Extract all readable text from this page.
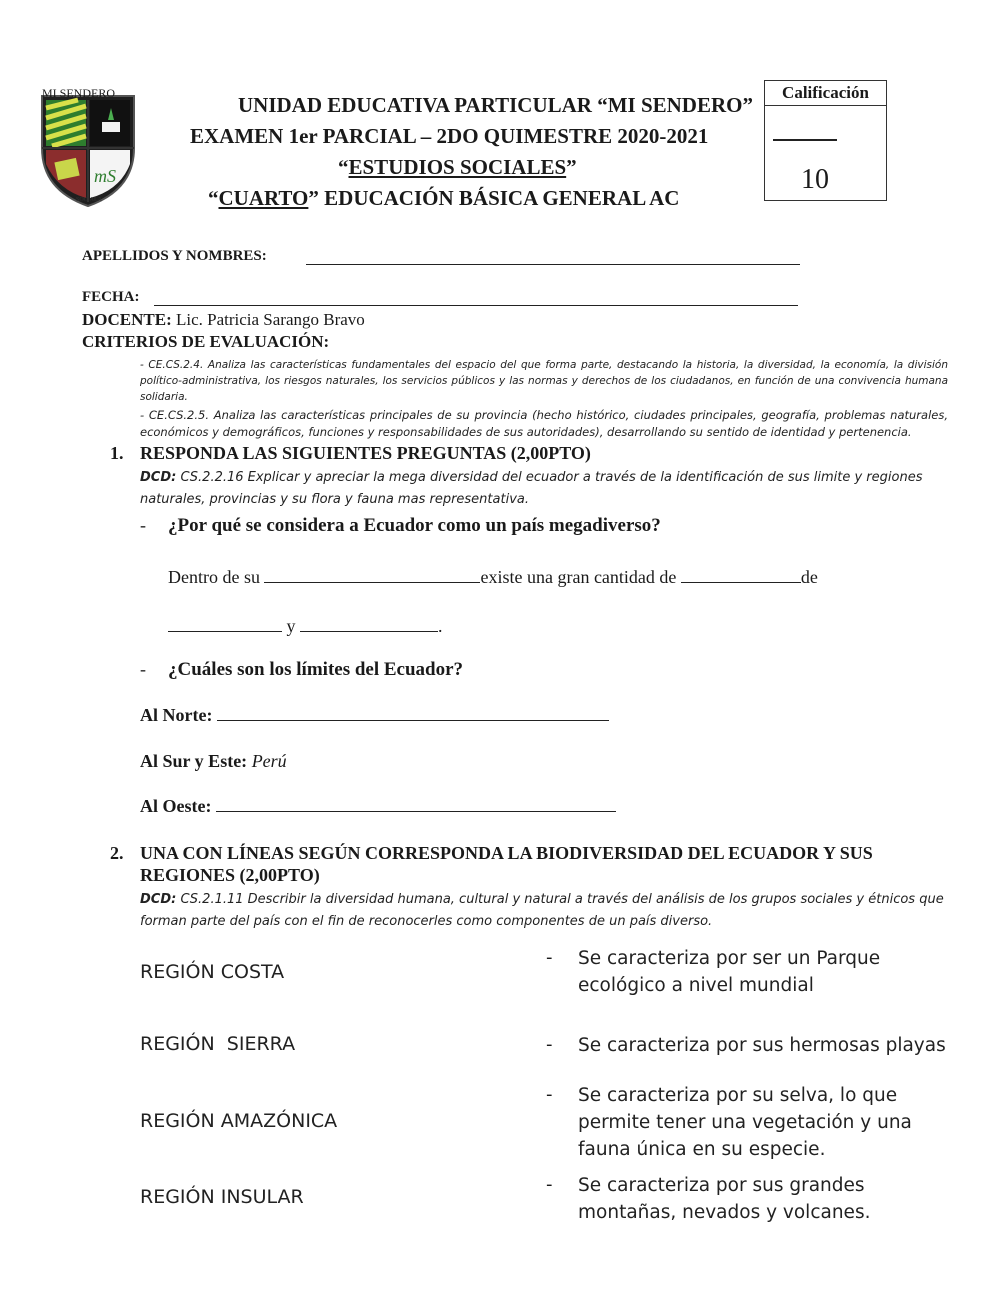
MI SENDERO
mS
SOCIALA
UNIDAD EDUCATIVA PARTICULAR “MI SENDERO”
EXAMEN 1er PARCIAL – 2DO QUIMESTRE 2020-2021
“ESTUDIOS SOCIALES”
“CUARTO” EDUCACIÓN BÁSICA GENERAL AC
Calificación
10
APELLIDOS Y NOMBRES:
FECHA:
DOCENTE: Lic. Patricia Sarango Bravo
CRITERIOS DE EVALUACIÓN:
- CE.CS.2.4. Analiza las características fundamentales del espacio del que forma parte, destacando la historia, la diversidad, la economía, la división político-administrativa, los riesgos naturales, los servicios públicos y las normas y derechos de los ciudadanos, en función de una convivencia humana solidaria.
- CE.CS.2.5. Analiza las características principales de su provincia (hecho histórico, ciudades principales, geografía, problemas naturales, económicos y demográficos, funciones y responsabilidades de sus autoridades), desarrollando su sentido de identidad y pertenencia.
1. RESPONDA LAS SIGUIENTES PREGUNTAS (2,00PTO)
DCD: CS.2.2.16 Explicar y apreciar la mega diversidad del ecuador a través de la identificación de sus limite y regiones naturales, provincias y su flora y fauna mas representativa.
- ¿Por qué se considera a Ecuador como un país megadiverso?
Dentro de su	existe una gran cantidad de	de
y	.
- ¿Cuáles son los límites del Ecuador?
Al Norte:
Al Sur y Este: Perú
Al Oeste:
2. UNA CON LÍNEAS SEGÚN CORRESPONDA LA BIODIVERSIDAD DEL ECUADOR Y SUS
REGIONES (2,00PTO)
DCD: CS.2.1.11 Describir la diversidad humana, cultural y natural a través del análisis de los grupos sociales y étnicos que forman parte del país con el fin de reconocerles como componentes de un país diverso.
REGIÓN COSTA
REGIÓN  SIERRA
REGIÓN AMAZÓNICA
REGIÓN INSULAR
- Se caracteriza por ser un Parque ecológico a nivel mundial
- Se caracteriza por sus hermosas playas
- Se caracteriza por su selva, lo que permite tener una vegetación y una fauna única en su especie.
- Se caracteriza por sus grandes montañas, nevados y volcanes.
